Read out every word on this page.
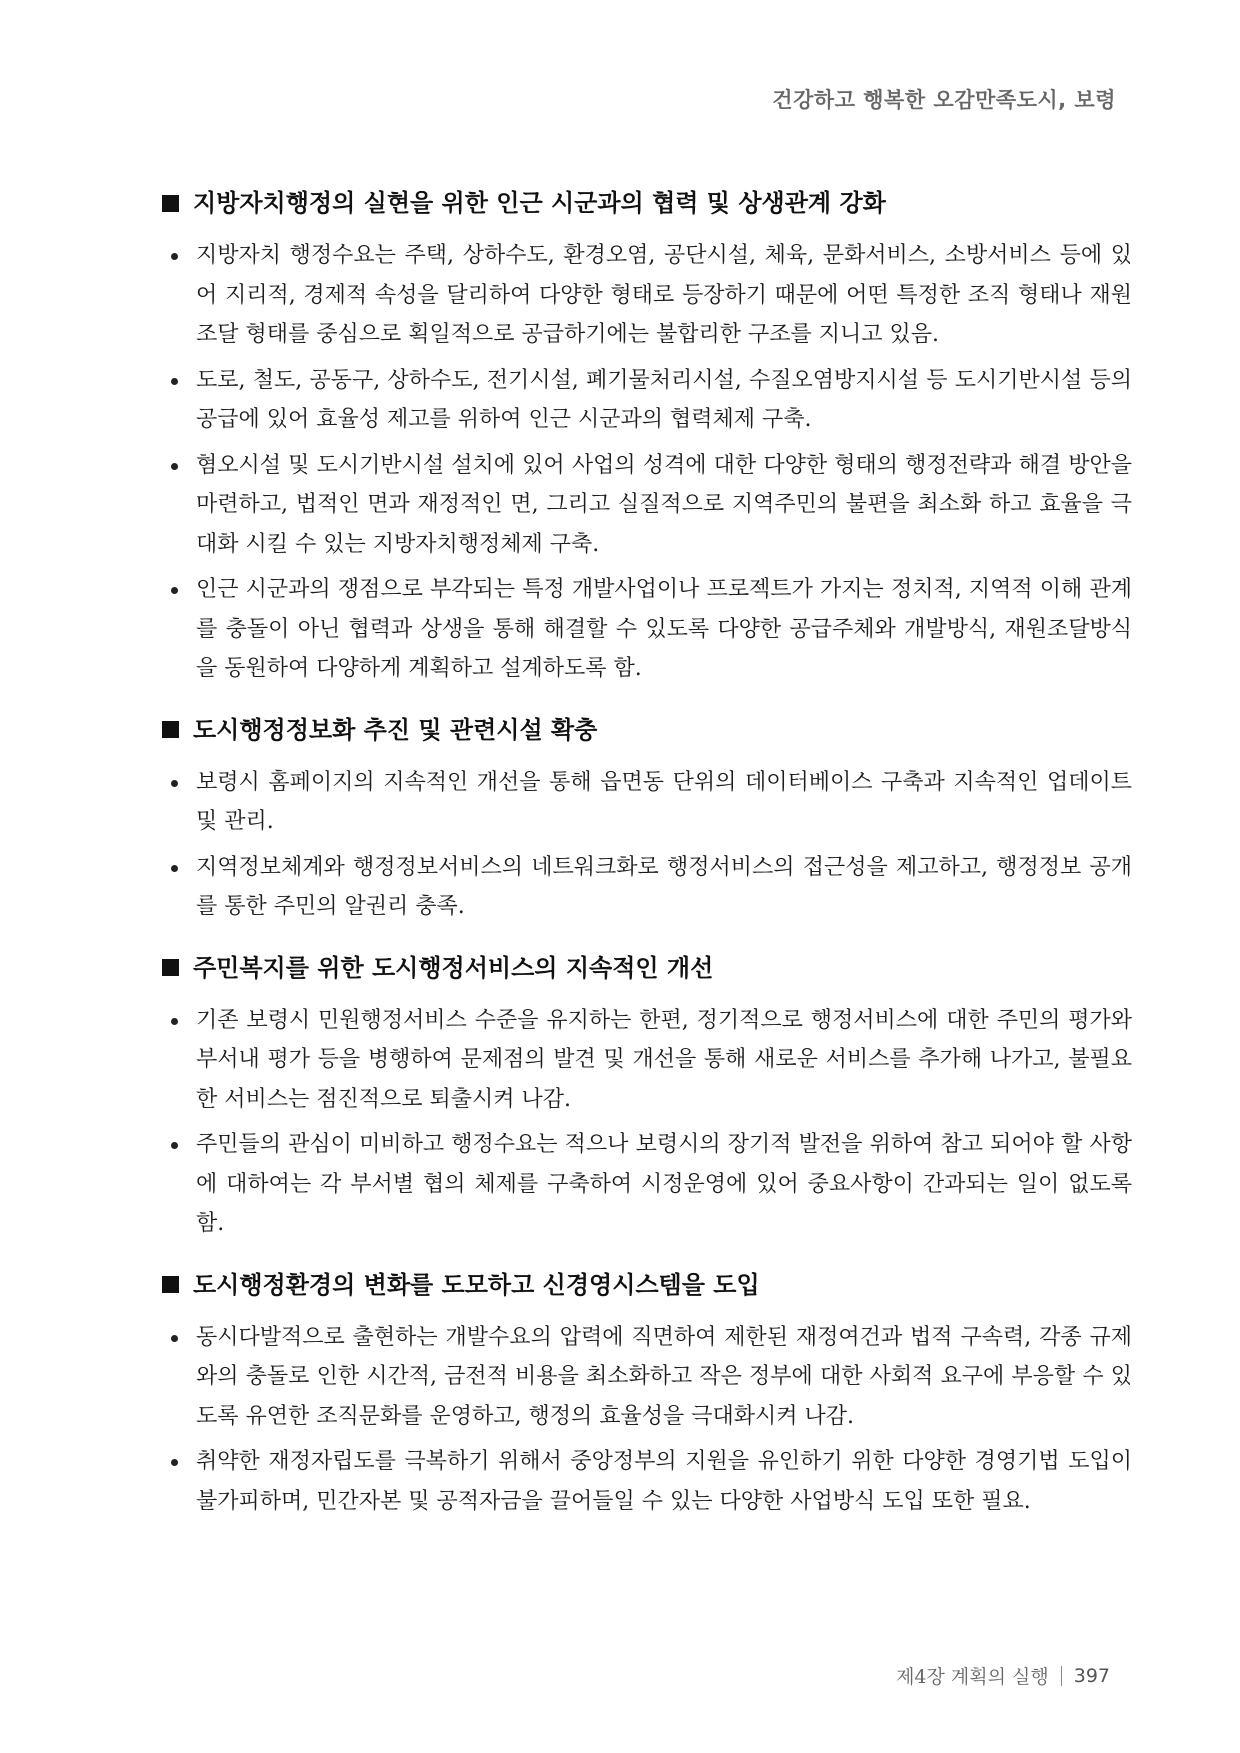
건강하고 행복한 오감만족도시, 보령
지방자치행정의 실현을 위한 인근 시군과의 협력 및 상생관계 강화
지방자치 행정수요는 주택, 상하수도, 환경오염, 공단시설, 체육, 문화서비스, 소방서비스 등에 있어 지리적, 경제적 속성을 달리하여 다양한 형태로 등장하기 때문에 어떤 특정한 조직 형태나 재원조달 형태를 중심으로 획일적으로 공급하기에는 불합리한 구조를 지니고 있음.
도로, 철도, 공동구, 상하수도, 전기시설, 폐기물처리시설, 수질오염방지시설 등 도시기반시설 등의 공급에 있어 효율성 제고를 위하여 인근 시군과의 협력체제 구축.
혐오시설 및 도시기반시설 설치에 있어 사업의 성격에 대한 다양한 형태의 행정전략과 해결 방안을 마련하고, 법적인 면과 재정적인 면, 그리고 실질적으로 지역주민의 불편을 최소화 하고 효율을 극대화 시킬 수 있는 지방자치행정체제 구축.
인근 시군과의 쟁점으로 부각되는 특정 개발사업이나 프로젝트가 가지는 정치적, 지역적 이해 관계를 충돌이 아닌 협력과 상생을 통해 해결할 수 있도록 다양한 공급주체와 개발방식, 재원조달방식을 동원하여 다양하게 계획하고 설계하도록 함.
도시행정정보화 추진 및 관련시설 확충
보령시 홈페이지의 지속적인 개선을 통해 읍면동 단위의 데이터베이스 구축과 지속적인 업데이트 및 관리.
지역정보체계와 행정정보서비스의 네트워크화로 행정서비스의 접근성을 제고하고, 행정정보 공개를 통한 주민의 알권리 충족.
주민복지를 위한 도시행정서비스의 지속적인 개선
기존 보령시 민원행정서비스 수준을 유지하는 한편, 정기적으로 행정서비스에 대한 주민의 평가와 부서내 평가 등을 병행하여 문제점의 발견 및 개선을 통해 새로운 서비스를 추가해 나가고, 불필요한 서비스는 점진적으로 퇴출시켜 나감.
주민들의 관심이 미비하고 행정수요는 적으나 보령시의 장기적 발전을 위하여 참고 되어야 할 사항에 대하여는 각 부서별 협의 체제를 구축하여 시정운영에 있어 중요사항이 간과되는 일이 없도록 함.
도시행정환경의 변화를 도모하고 신경영시스템을 도입
동시다발적으로 출현하는 개발수요의 압력에 직면하여 제한된 재정여건과 법적 구속력, 각종 규제와의 충돌로 인한 시간적, 금전적 비용을 최소화하고 작은 정부에 대한 사회적 요구에 부응할 수 있도록 유연한 조직문화를 운영하고, 행정의 효율성을 극대화시켜 나감.
취약한 재정자립도를 극복하기 위해서 중앙정부의 지원을 유인하기 위한 다양한 경영기법 도입이 불가피하며, 민간자본 및 공적자금을 끌어들일 수 있는 다양한 사업방식 도입 또한 필요.
제4장 계획의 실행 397
